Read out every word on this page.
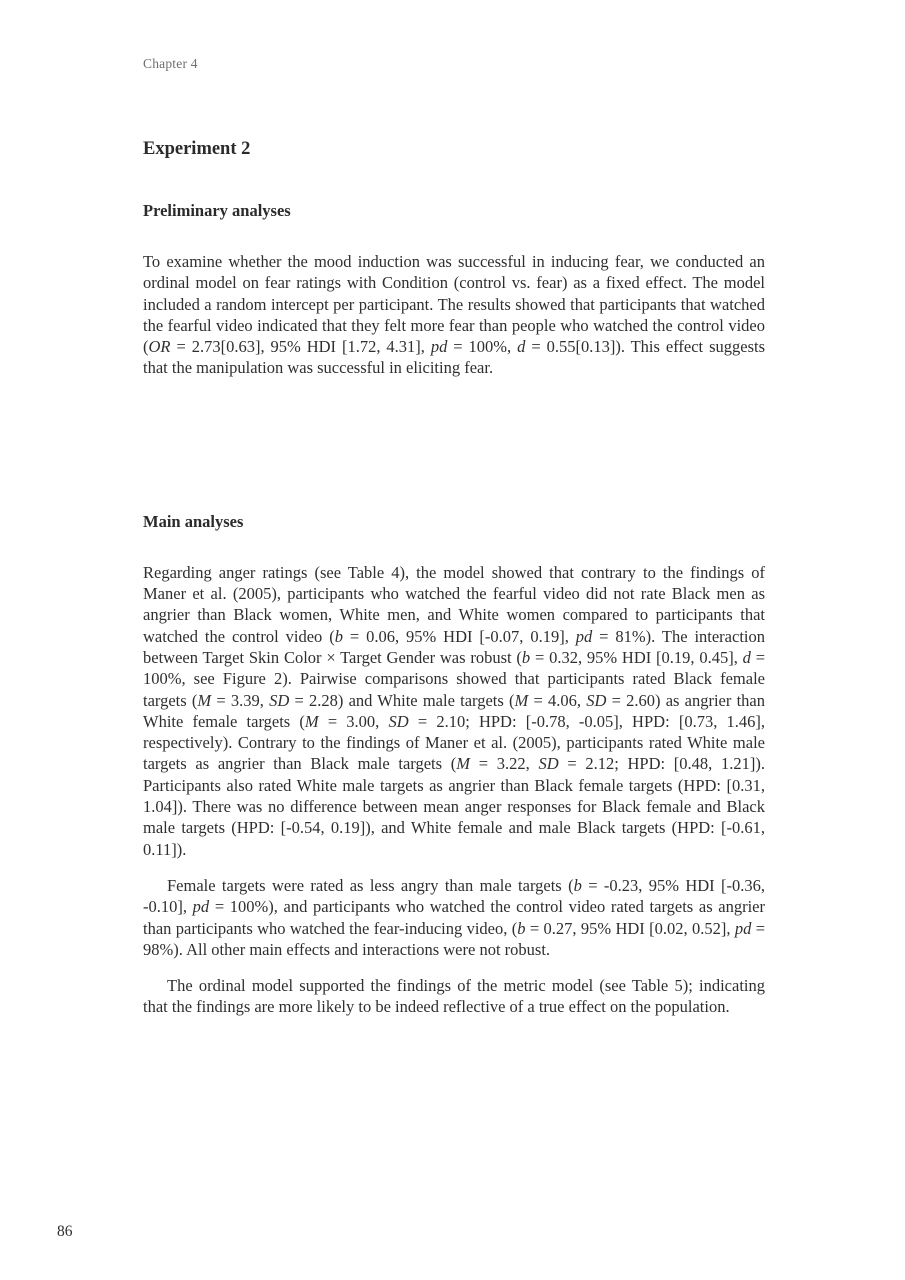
Chapter 4
Experiment 2
Preliminary analyses

To examine whether the mood induction was successful in inducing fear, we conducted an ordinal model on fear ratings with Condition (control vs. fear) as a fixed effect. The model included a random intercept per participant. The results showed that participants that watched the fearful video indicated that they felt more fear than people who watched the control video (OR = 2.73[0.63], 95% HDI [1.72, 4.31], pd = 100%, d = 0.55[0.13]). This effect suggests that the manipulation was successful in eliciting fear.

Main analyses

Regarding anger ratings (see Table 4), the model showed that contrary to the findings of Maner et al. (2005), participants who watched the fearful video did not rate Black men as angrier than Black women, White men, and White women compared to participants that watched the control video (b = 0.06, 95% HDI [-0.07, 0.19], pd = 81%). The interaction between Target Skin Color × Target Gender was robust (b = 0.32, 95% HDI [0.19, 0.45], d = 100%, see Figure 2). Pairwise comparisons showed that participants rated Black female targets (M = 3.39, SD = 2.28) and White male targets (M = 4.06, SD = 2.60) as angrier than White female targets (M = 3.00, SD = 2.10; HPD: [-0.78, -0.05], HPD: [0.73, 1.46], respectively). Contrary to the findings of Maner et al. (2005), participants rated White male targets as angrier than Black male targets (M = 3.22, SD = 2.12; HPD: [0.48, 1.21]). Participants also rated White male targets as angrier than Black female targets (HPD: [0.31, 1.04]). There was no difference between mean anger responses for Black female and Black male targets (HPD: [-0.54, 0.19]), and White female and male Black targets (HPD: [-0.61, 0.11]).

Female targets were rated as less angry than male targets (b = -0.23, 95% HDI [-0.36, -0.10], pd = 100%), and participants who watched the control video rated targets as angrier than participants who watched the fear-inducing video, (b = 0.27, 95% HDI [0.02, 0.52], pd = 98%). All other main effects and interactions were not robust.

The ordinal model supported the findings of the metric model (see Table 5); indicating that the findings are more likely to be indeed reflective of a true effect on the population.

86
